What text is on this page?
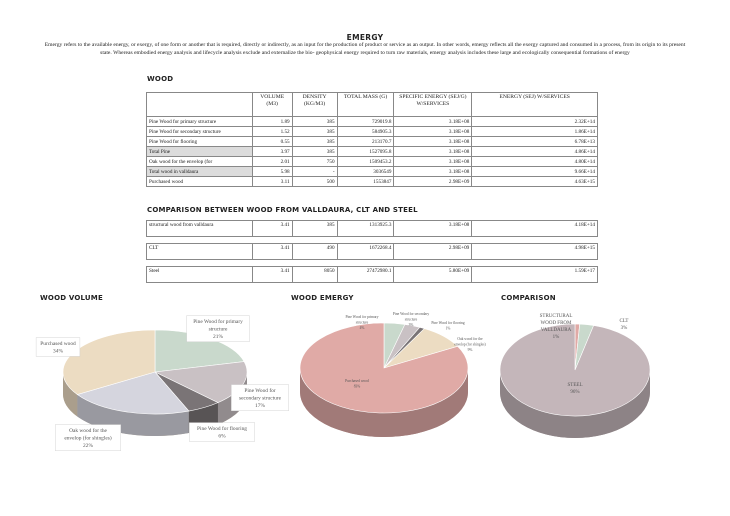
EMERGY
Emergy refers to the available energy, or exergy, of one form or another that is required, directly or indirectly, as an input for the production of product or service as an output. In other words, emergy reflects all the exergy captured and consumed in a process, from its origin to its present state. Whereas embodied energy analysis and lifecycle analysis exclude and externalize the bio- geophysical energy required to turn raw materials, emergy analysis includes these large and ecologically consequential formations of energy
WOOD
	VOLUME (M3)	DENSITY (KG/M3)	TOTAL MASS (G)	SPECIFIC ENERGY (SEJ/G) W/SERVICES	ENERGY (SEJ) W/SERVICES
Pine Wood for primary structure	1.89	385	729019.8	3.18E+08	2.32E+14
Pine Wood for secondary structure	1.52	385	584905.3	3.18E+08	1.86E+14
Pine Wood for flooring	0.55	385	213170.7	3.18E+08	6.78E+13
Total Pine	3.97	385	1527095.8	3.18E+08	4.86E+14
Oak wood for the envelop (for	2.01	750	1509453.2	3.18E+08	4.80E+14
Total wood in valldaura	5.98	-	3036549	3.18E+08	9.66E+14
Purchased wood	3.11	500	1553847	2.98E+09	4.63E+15
COMPARISON BETWEEN WOOD FROM VALLDAURA, CLT AND STEEL
structural wood from valldaura	3.41	385	1313925.3	3.18E+08	4.18E+14

CLT	3.41	490	1672268.4	2.98E+09	4.98E+15

Steel	3.41	8050	27472980.1	5.80E+09	1.59E+17
WOOD VOLUME	WOOD EMERGY	COMPARISON
Pine Wood for primary
structure
21%
Pine Wood for
secondary structure
17%
Pine Wood for flooring
6%
Oak wood for the
envelop (for shingles)
22%
Purchased wood
34%
Pine Wood for primary
structure
4%
Pine Wood for secondary
structure
3%
Pine Wood for flooring
1%
Oak wood for the
envelop (for shingles)
9%
Purchased wood
83%
STRUCTURAL
WOOD FROM
VALLDAURA
1%
CLT
3%
STEEL
96%
